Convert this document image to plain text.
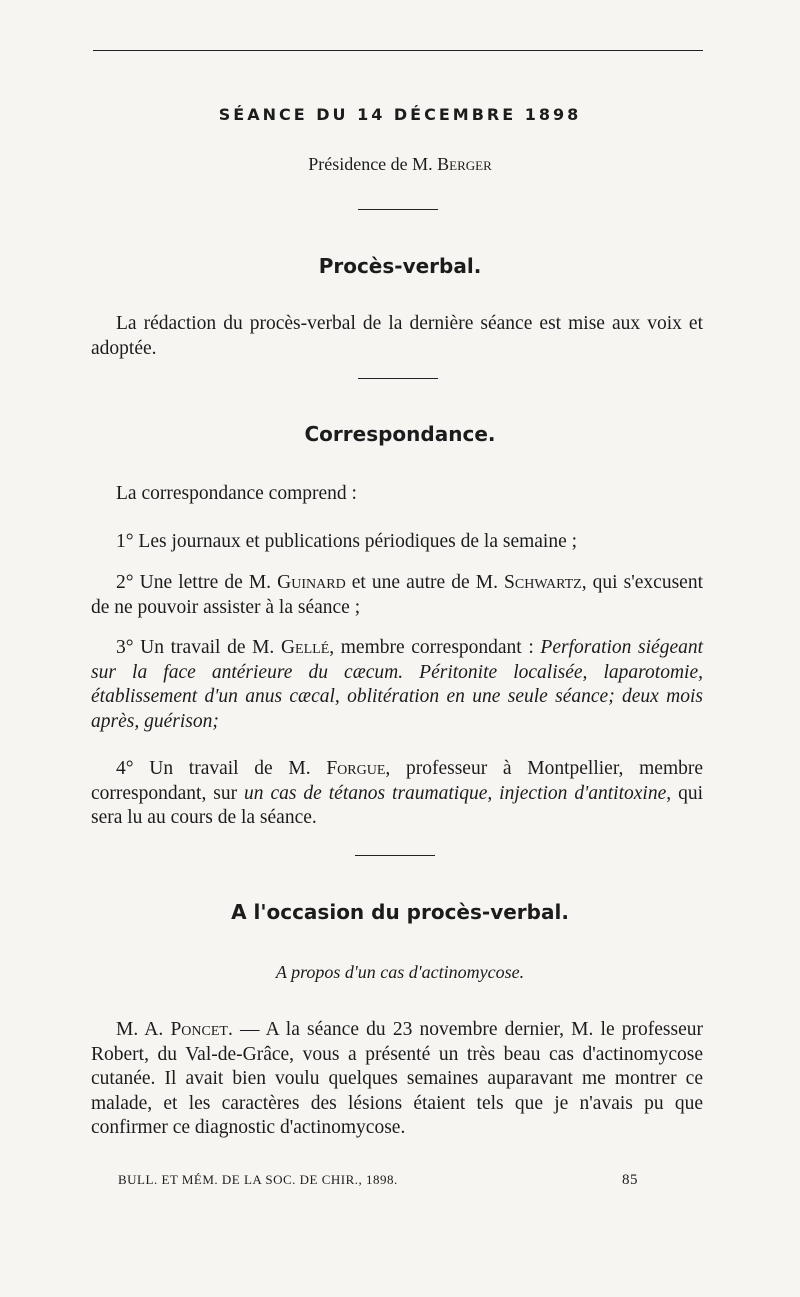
SÉANCE DU 14 DÉCEMBRE 1898
Présidence de M. Berger
Procès-verbal.
La rédaction du procès-verbal de la dernière séance est mise aux voix et adoptée.
Correspondance.
La correspondance comprend :
1° Les journaux et publications périodiques de la semaine ;
2° Une lettre de M. Guinard et une autre de M. Schwartz, qui s'excusent de ne pouvoir assister à la séance ;
3° Un travail de M. Gellé, membre correspondant : Perforation siégeant sur la face antérieure du cæcum. Péritonite localisée, laparotomie, établissement d'un anus cæcal, oblitération en une seule séance; deux mois après, guérison;
4° Un travail de M. Forgue, professeur à Montpellier, membre correspondant, sur un cas de tétanos traumatique, injection d'antitoxine, qui sera lu au cours de la séance.
A l'occasion du procès-verbal.
A propos d'un cas d'actinomycose.
M. A. Poncet. — A la séance du 23 novembre dernier, M. le professeur Robert, du Val-de-Grâce, vous a présenté un très beau cas d'actinomycose cutanée. Il avait bien voulu quelques semaines auparavant me montrer ce malade, et les caractères des lésions étaient tels que je n'avais pu que confirmer ce diagnostic d'actinomycose.
BULL. ET MÉM. DE LA SOC. DE CHIR., 1898.	85
